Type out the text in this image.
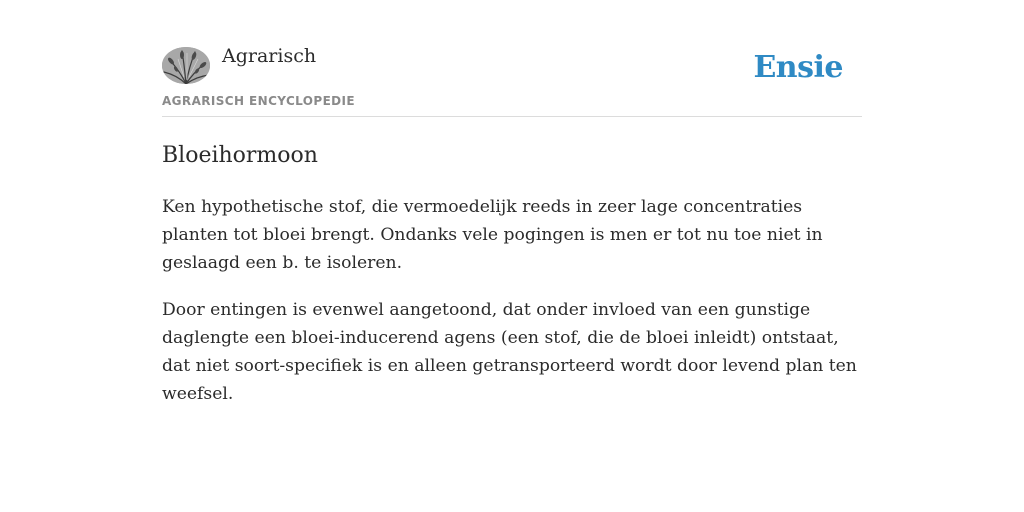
Agrarisch
AGRARISCH ENCYCLOPEDIE
Ensie
Bloeihormoon

Ken hypothetische stof, die vermoedelijk reeds in zeer lage concentraties planten tot bloei brengt. Ondanks vele pogingen is men er tot nu toe niet in geslaagd een b. te isoleren.

Door entingen is evenwel aangetoond, dat onder invloed van een gunstige daglengte een bloei-inducerend agens (een stof, die de bloei inleidt) ontstaat, dat niet soort-specifiek is en alleen getransporteerd wordt door levend plan ten weefsel.
